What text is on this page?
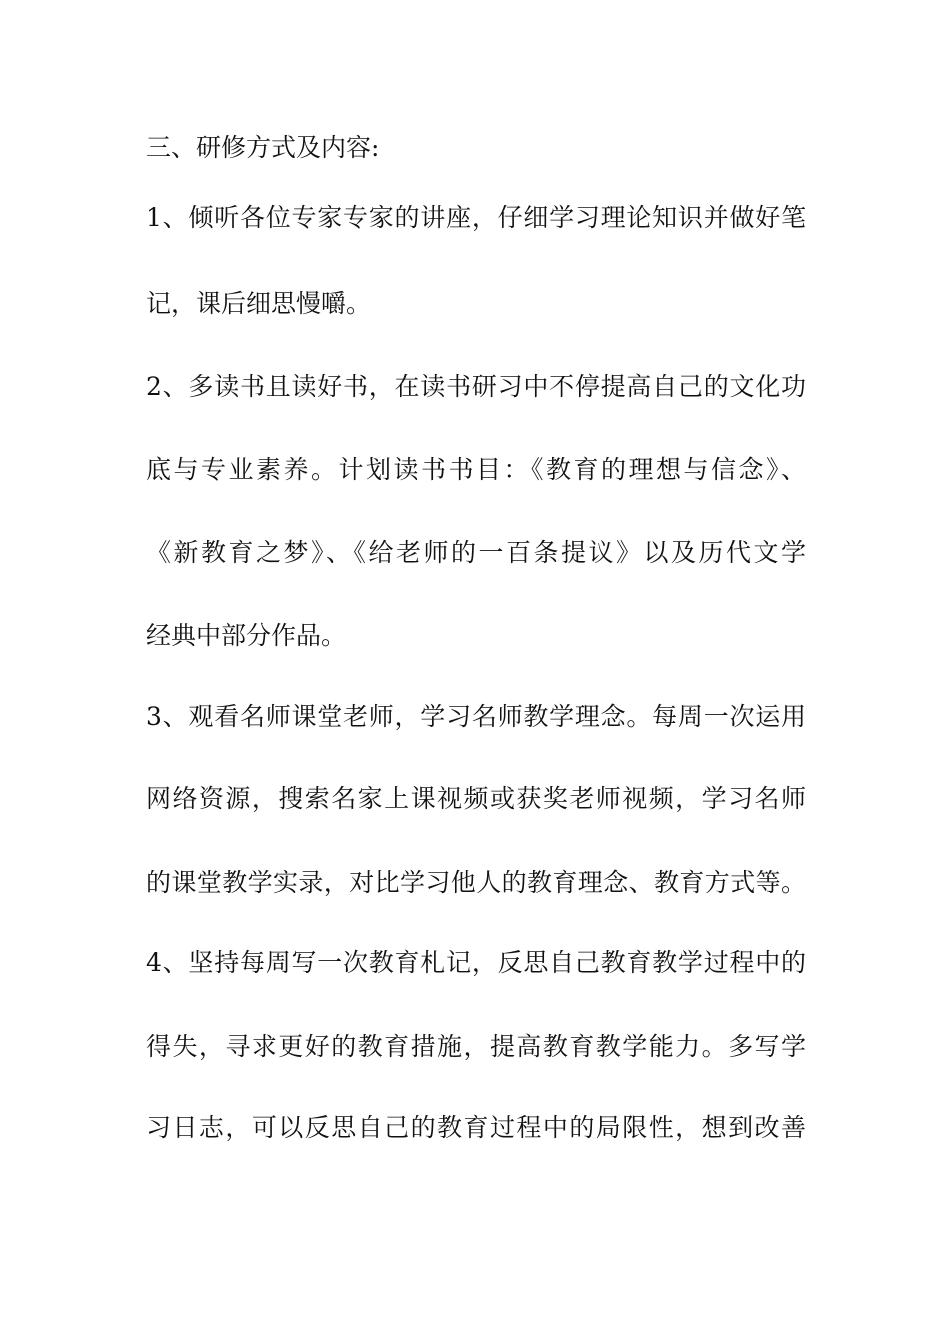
三、研修方式及内容:
1、倾听各位专家专家的讲座，仔细学习理论知识并做好笔
记，课后细思慢嚼。
2、多读书且读好书，在读书研习中不停提高自己的文化功
底与专业素养。计划读书书目：《教育的理想与信念》、
《新教育之梦》、《给老师的一百条提议》以及历代文学
经典中部分作品。
3、观看名师课堂老师，学习名师教学理念。每周一次运用
网络资源，搜索名家上课视频或获奖老师视频，学习名师
的课堂教学实录，对比学习他人的教育理念、教育方式等。
4、坚持每周写一次教育札记，反思自己教育教学过程中的
得失，寻求更好的教育措施，提高教育教学能力。多写学
习日志，可以反思自己的教育过程中的局限性，想到改善
